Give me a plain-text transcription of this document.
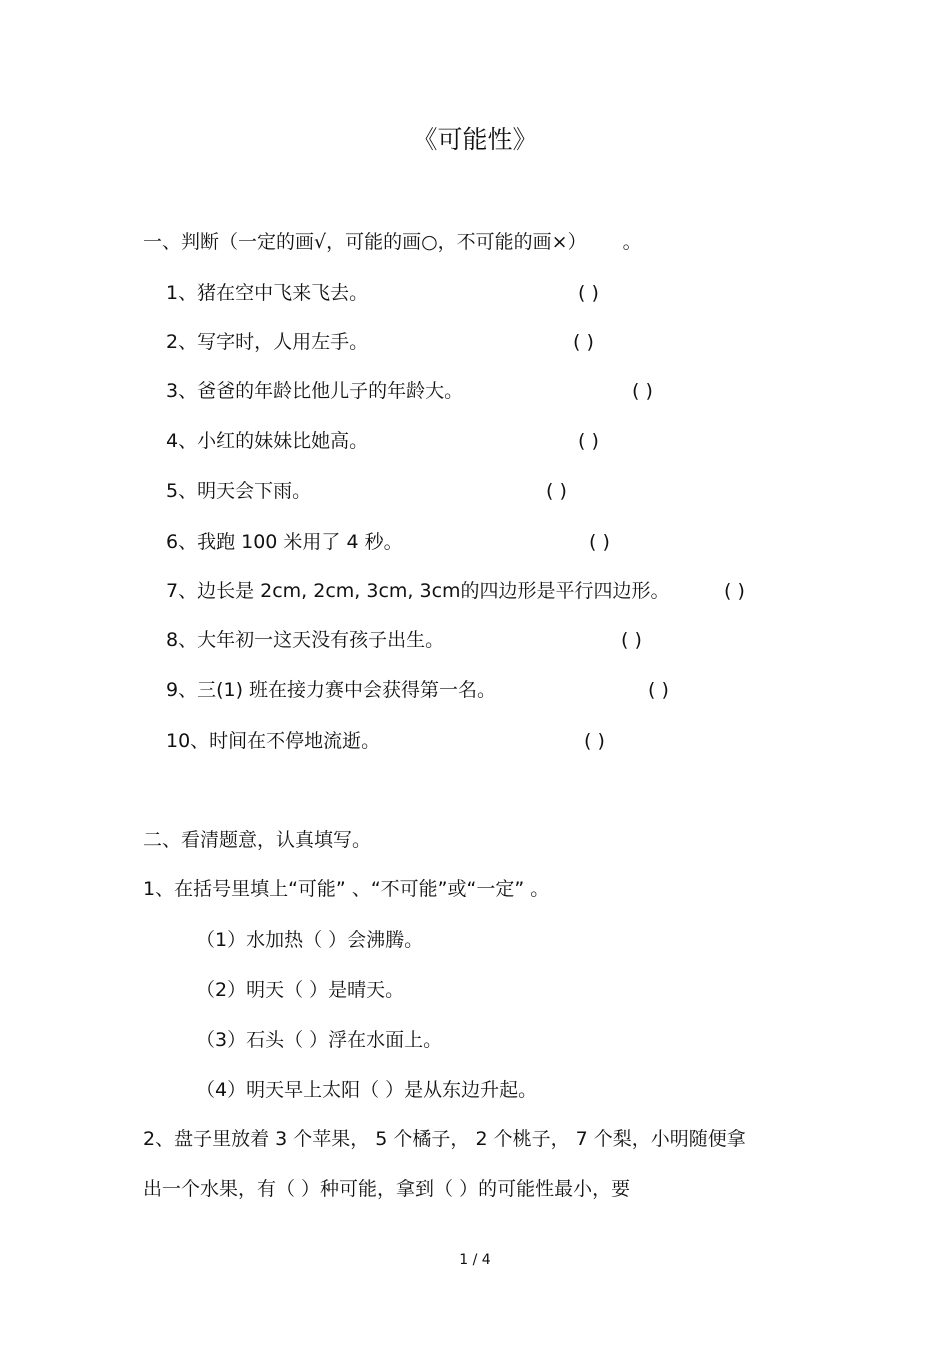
《可能性》
一、判断（一定的画√，可能的画○，不可能的画×） 。
1、猪在空中飞来飞去。	( )
2、写字时，人用左手。	( )
3、爸爸的年龄比他儿子的年龄大。	( )
4、小红的妹妹比她高。	( )
5、明天会下雨。	( )
6、我跑 100 米用了 4 秒。	( )
7、边长是 2cm, 2cm, 3cm, 3cm的四边形是平行四边形。	( )
8、大年初一这天没有孩子出生。	( )
9、三(1) 班在接力赛中会获得第一名。	( )
10、时间在不停地流逝。	( )
二、看清题意，认真填写。
1、在括号里填上“可能” 、“不可能”或“一定” 。
（1）水加热（ ）会沸腾。
（2）明天（ ）是晴天。
（3）石头（ ）浮在水面上。
（4）明天早上太阳（ ）是从东边升起。
2、盘子里放着 3 个苹果， 5 个橘子， 2 个桃子， 7 个梨，小明随便拿
出一个水果，有（ ）种可能，拿到（ ）的可能性最小，要
1 / 4
